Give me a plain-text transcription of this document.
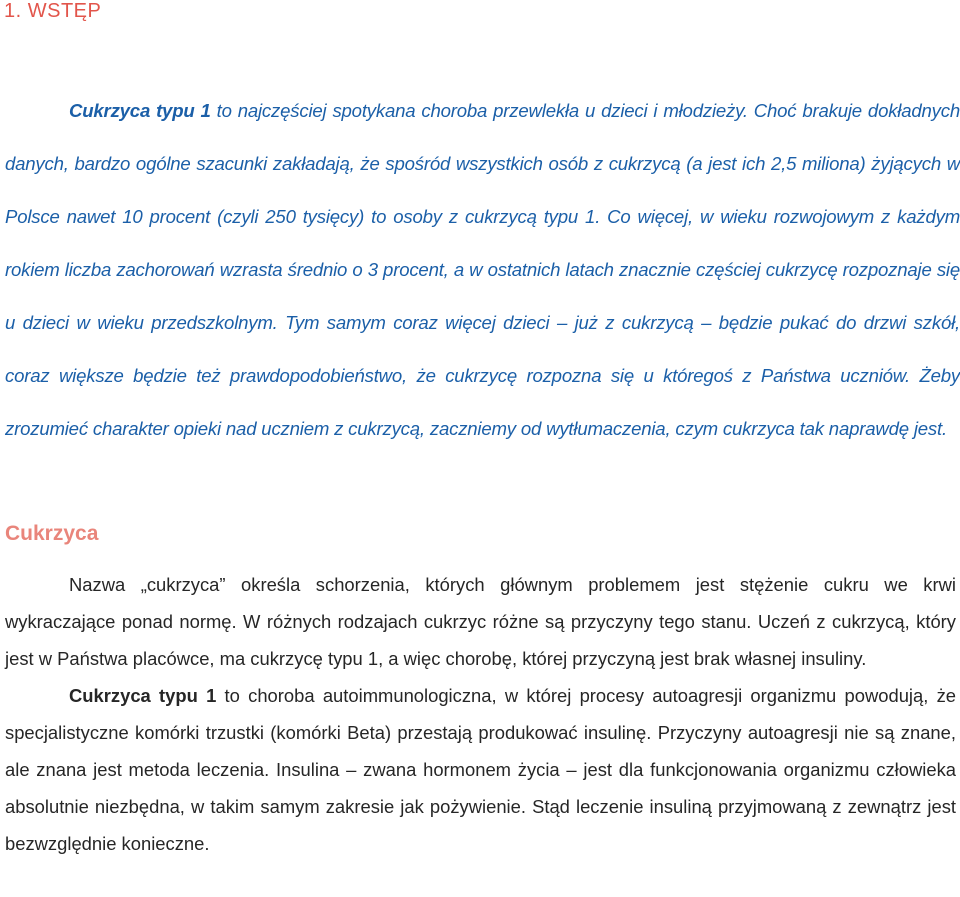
1. WSTĘP

Cukrzyca typu 1 to najczęściej spotykana choroba przewlekła u dzieci i młodzieży. Choć brakuje dokładnych danych, bardzo ogólne szacunki zakładają, że spośród wszystkich osób z cukrzycą (a jest ich 2,5 miliona) żyjących w Polsce nawet 10 procent (czyli 250 tysięcy) to osoby z cukrzycą typu 1. Co więcej, w wieku rozwojowym z każdym rokiem liczba zachorowań wzrasta średnio o 3 procent, a w ostatnich latach znacznie częściej cukrzycę rozpoznaje się u dzieci w wieku przedszkolnym. Tym samym coraz więcej dzieci – już z cukrzycą – będzie pukać do drzwi szkół, coraz większe będzie też prawdopodobieństwo, że cukrzycę rozpozna się u któregoś z Państwa uczniów. Żeby zrozumieć charakter opieki nad uczniem z cukrzycą, zaczniemy od wytłumaczenia, czym cukrzyca tak naprawdę jest.

Cukrzyca

Nazwa „cukrzyca” określa schorzenia, których głównym problemem jest stężenie cukru we krwi wykraczające ponad normę. W różnych rodzajach cukrzyc różne są przyczyny tego stanu. Uczeń z cukrzycą, który jest w Państwa placówce, ma cukrzycę typu 1, a więc chorobę, której przyczyną jest brak własnej insuliny.

Cukrzyca typu 1 to choroba autoimmunologiczna, w której procesy autoagresji organizmu powodują, że specjalistyczne komórki trzustki (komórki Beta) przestają produkować insulinę. Przyczyny autoagresji nie są znane, ale znana jest metoda leczenia. Insulina – zwana hormonem życia – jest dla funkcjonowania organizmu człowieka absolutnie niezbędna, w takim samym zakresie jak pożywienie. Stąd leczenie insuliną przyjmowaną z zewnątrz jest bezwzględnie konieczne.
